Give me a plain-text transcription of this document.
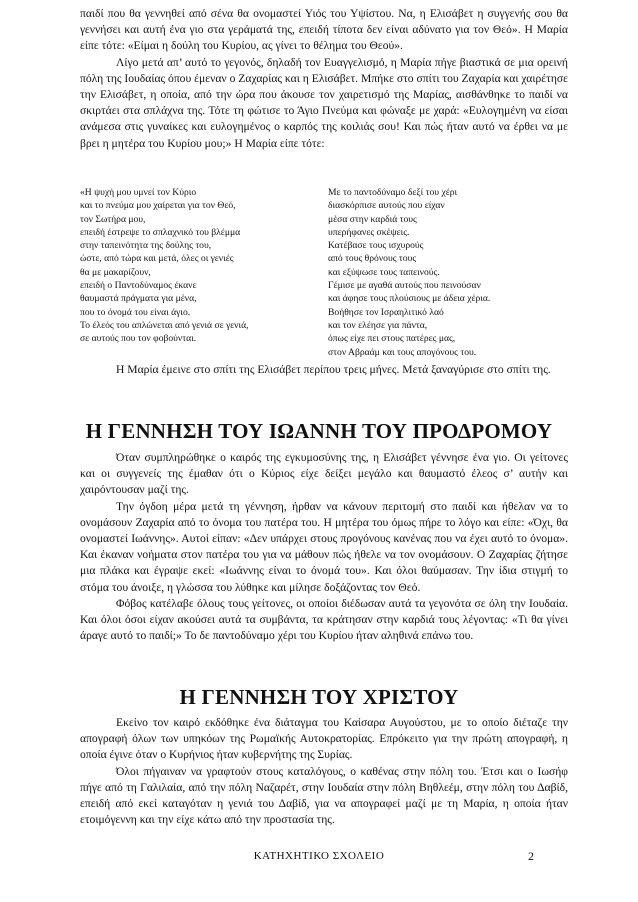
παιδί που θα γεννηθεί από σένα θα ονομαστεί Υιός του Υψίστου. Να, η Ελισάβετ η συγγενής σου θα γεννήσει και αυτή ένα γιο στα γεράματά της, επειδή τίποτα δεν είναι αδύνατο για τον Θεό». Η Μαρία είπε τότε: «Είμαι η δούλη του Κυρίου, ας γίνει το θέλημα του Θεού».

Λίγο μετά απ’ αυτό το γεγονός, δηλαδή τον Ευαγγελισμό, η Μαρία πήγε βιαστικά σε μια ορεινή πόλη της Ιουδαίας όπου έμεναν ο Ζαχαρίας και η Ελισάβετ. Μπήκε στο σπίτι του Ζαχαρία και χαιρέτησε την Ελισάβετ, η οποία, από την ώρα που άκουσε τον χαιρετισμό της Μαρίας, αισθάνθηκε το παιδί να σκιρτάει στα σπλάχνα της. Τότε τη φώτισε το Άγιο Πνεύμα και φώναξε με χαρά: «Ευλογημένη να είσαι ανάμεσα στις γυναίκες και ευλογημένος ο καρπός της κοιλιάς σου! Και πώς ήταν αυτό να έρθει να με βρει η μητέρα του Κυρίου μου;» Η Μαρία είπε τότε:

«Η ψυχή μου υμνεί τον Κύριο
και το πνεύμα μου χαίρεται για τον Θεό,
τον Σωτήρα μου,
επειδή έστρεψε το σπλαχνικό του βλέμμα
στην ταπεινότητα της δούλης του,
ώστε, από τώρα και μετά, όλες οι γενιές
θα με μακαρίζουν,
επειδή ο Παντοδύναμος έκανε
θαυμαστά πράγματα για μένα,
που το όνομά του είναι άγιο.
Το έλεός του απλώνεται από γενιά σε γενιά,
σε αυτούς που τον φοβούνται.
Με το παντοδύναμο δεξί του χέρι
διασκόρπισε αυτούς που είχαν
μέσα στην καρδιά τους
υπερήφανες σκέψεις.
Κατέβασε τους ισχυρούς
από τους θρόνους τους
και εξύψωσε τους ταπεινούς.
Γέμισε με αγαθά αυτούς που πεινούσαν
και άφησε τους πλούσιους με άδεια χέρια.
Βοήθησε τον Ισραηλιτικό λαό
και τον ελέησε για πάντα,
όπως είχε πει στους πατέρες μας,
στον Αβραάμ και τους απογόνους του.

Η Μαρία έμεινε στο σπίτι της Ελισάβετ περίπου τρεις μήνες. Μετά ξαναγύρισε στο σπίτι της.

Η ΓΕΝΝΗΣΗ ΤΟΥ ΙΩΑΝΝΗ ΤΟΥ ΠΡΟΔΡΟΜΟΥ

Όταν συμπληρώθηκε ο καιρός της εγκυμοσύνης της, η Ελισάβετ γέννησε ένα γιο. Οι γείτονες και οι συγγενείς της έμαθαν ότι ο Κύριος είχε δείξει μεγάλο και θαυμαστό έλεος σ’ αυτήν και χαιρόντουσαν μαζί της.

Την όγδοη μέρα μετά τη γέννηση, ήρθαν να κάνουν περιτομή στο παιδί και ήθελαν να το ονομάσουν Ζαχαρία από το όνομα του πατέρα του. Η μητέρα του όμως πήρε το λόγο και είπε: «Όχι, θα ονομαστεί Ιωάννης». Αυτοί είπαν: «Δεν υπάρχει στους προγόνους κανένας που να έχει αυτό το όνομα». Και έκαναν νοήματα στον πατέρα του για να μάθουν πώς ήθελε να τον ονομάσουν. Ο Ζαχαρίας ζήτησε μια πλάκα και έγραψε εκεί: «Ιωάννης είναι το όνομά του». Και όλοι θαύμασαν. Την ίδια στιγμή το στόμα του άνοιξε, η γλώσσα του λύθηκε και μίλησε δοξάζοντας τον Θεό.

Φόβος κατέλαβε όλους τους γείτονες, οι οποίοι διέδωσαν αυτά τα γεγονότα σε όλη την Ιουδαία. Και όλοι όσοι είχαν ακούσει αυτά τα συμβάντα, τα κράτησαν στην καρδιά τους λέγοντας: «Τι θα γίνει άραγε αυτό το παιδί;» Το δε παντοδύναμο χέρι του Κυρίου ήταν αληθινά επάνω του.

Η ΓΕΝΝΗΣΗ ΤΟΥ ΧΡΙΣΤΟΥ

Εκείνο τον καιρό εκδόθηκε ένα διάταγμα του Καίσαρα Αυγούστου, με το οποίο διέταζε την απογραφή όλων των υπηκόων της Ρωμαϊκής Αυτοκρατορίας. Επρόκειτο για την πρώτη απογραφή, η οποία έγινε όταν ο Κυρήνιος ήταν κυβερνήτης της Συρίας.

Όλοι πήγαιναν να γραφτούν στους καταλόγους, ο καθένας στην πόλη του. Έτσι και ο Ιωσήφ πήγε από τη Γαλιλαία, από την πόλη Ναζαρέτ, στην Ιουδαία στην πόλη Βηθλεέμ, στην πόλη του Δαβίδ, επειδή από εκεί καταγόταν η γενιά του Δαβίδ, για να απογραφεί μαζί με τη Μαρία, η οποία ήταν ετοιμόγεννη και την είχε κάτω από την προστασία της.

ΚΑΤΗΧΗΤΙΚΟ ΣΧΟΛΕΙΟ	2
